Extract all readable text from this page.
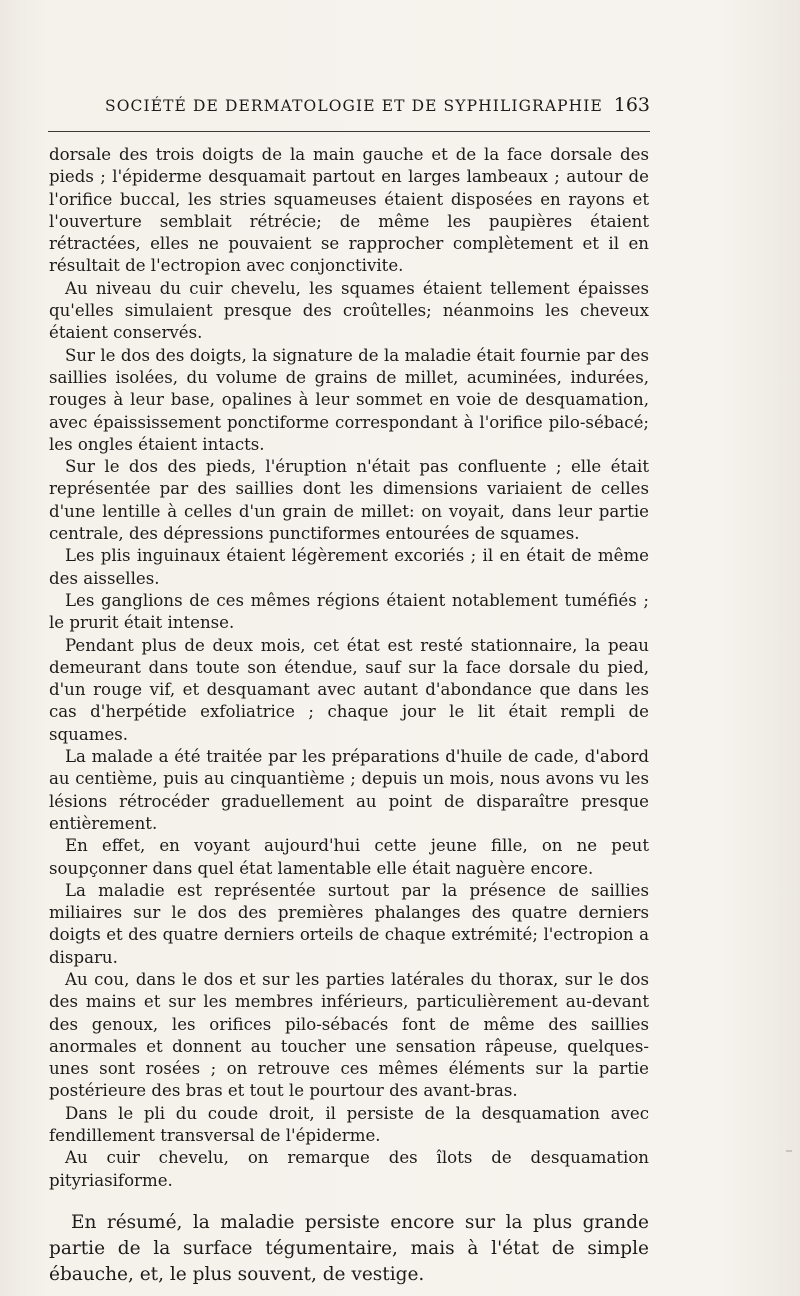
SOCIÉTÉ DE DERMATOLOGIE ET DE SYPHILIGRAPHIE 163

dorsale des trois doigts de la main gauche et de la face dorsale des pieds ; l'épiderme desquamait partout en larges lambeaux ; autour de l'orifice buccal, les stries squameuses étaient disposées en rayons et l'ouverture semblait rétrécie; de même les paupières étaient rétractées, elles ne pouvaient se rapprocher complètement et il en résultait de l'ectropion avec conjonctivite.

Au niveau du cuir chevelu, les squames étaient tellement épaisses qu'elles simulaient presque des croûtelles; néanmoins les cheveux étaient conservés.

Sur le dos des doigts, la signature de la maladie était fournie par des saillies isolées, du volume de grains de millet, acuminées, indurées, rouges à leur base, opalines à leur sommet en voie de desquamation, avec épaississement ponctiforme correspondant à l'orifice pilo-sébacé; les ongles étaient intacts.

Sur le dos des pieds, l'éruption n'était pas confluente ; elle était représentée par des saillies dont les dimensions variaient de celles d'une lentille à celles d'un grain de millet: on voyait, dans leur partie centrale, des dépressions punctiformes entourées de squames.

Les plis inguinaux étaient légèrement excoriés ; il en était de même des aisselles.

Les ganglions de ces mêmes régions étaient notablement tuméfiés ; le prurit était intense.

Pendant plus de deux mois, cet état est resté stationnaire, la peau demeurant dans toute son étendue, sauf sur la face dorsale du pied, d'un rouge vif, et desquamant avec autant d'abondance que dans les cas d'herpétide exfoliatrice ; chaque jour le lit était rempli de squames.

La malade a été traitée par les préparations d'huile de cade, d'abord au centième, puis au cinquantième ; depuis un mois, nous avons vu les lésions rétrocéder graduellement au point de disparaître presque entièrement.

En effet, en voyant aujourd'hui cette jeune fille, on ne peut soupçonner dans quel état lamentable elle était naguère encore.

La maladie est représentée surtout par la présence de saillies miliaires sur le dos des premières phalanges des quatre derniers doigts et des quatre derniers orteils de chaque extrémité; l'ectropion a disparu.

Au cou, dans le dos et sur les parties latérales du thorax, sur le dos des mains et sur les membres inférieurs, particulièrement au-devant des genoux, les orifices pilo-sébacés font de même des saillies anormales et donnent au toucher une sensation râpeuse, quelques-unes sont rosées ; on retrouve ces mêmes éléments sur la partie postérieure des bras et tout le pourtour des avant-bras.

Dans le pli du coude droit, il persiste de la desquamation avec fendillement transversal de l'épiderme.

Au cuir chevelu, on remarque des îlots de desquamation pityriasiforme.

En résumé, la maladie persiste encore sur la plus grande partie de la surface tégumentaire, mais à l'état de simple ébauche, et, le plus souvent, de vestige.
